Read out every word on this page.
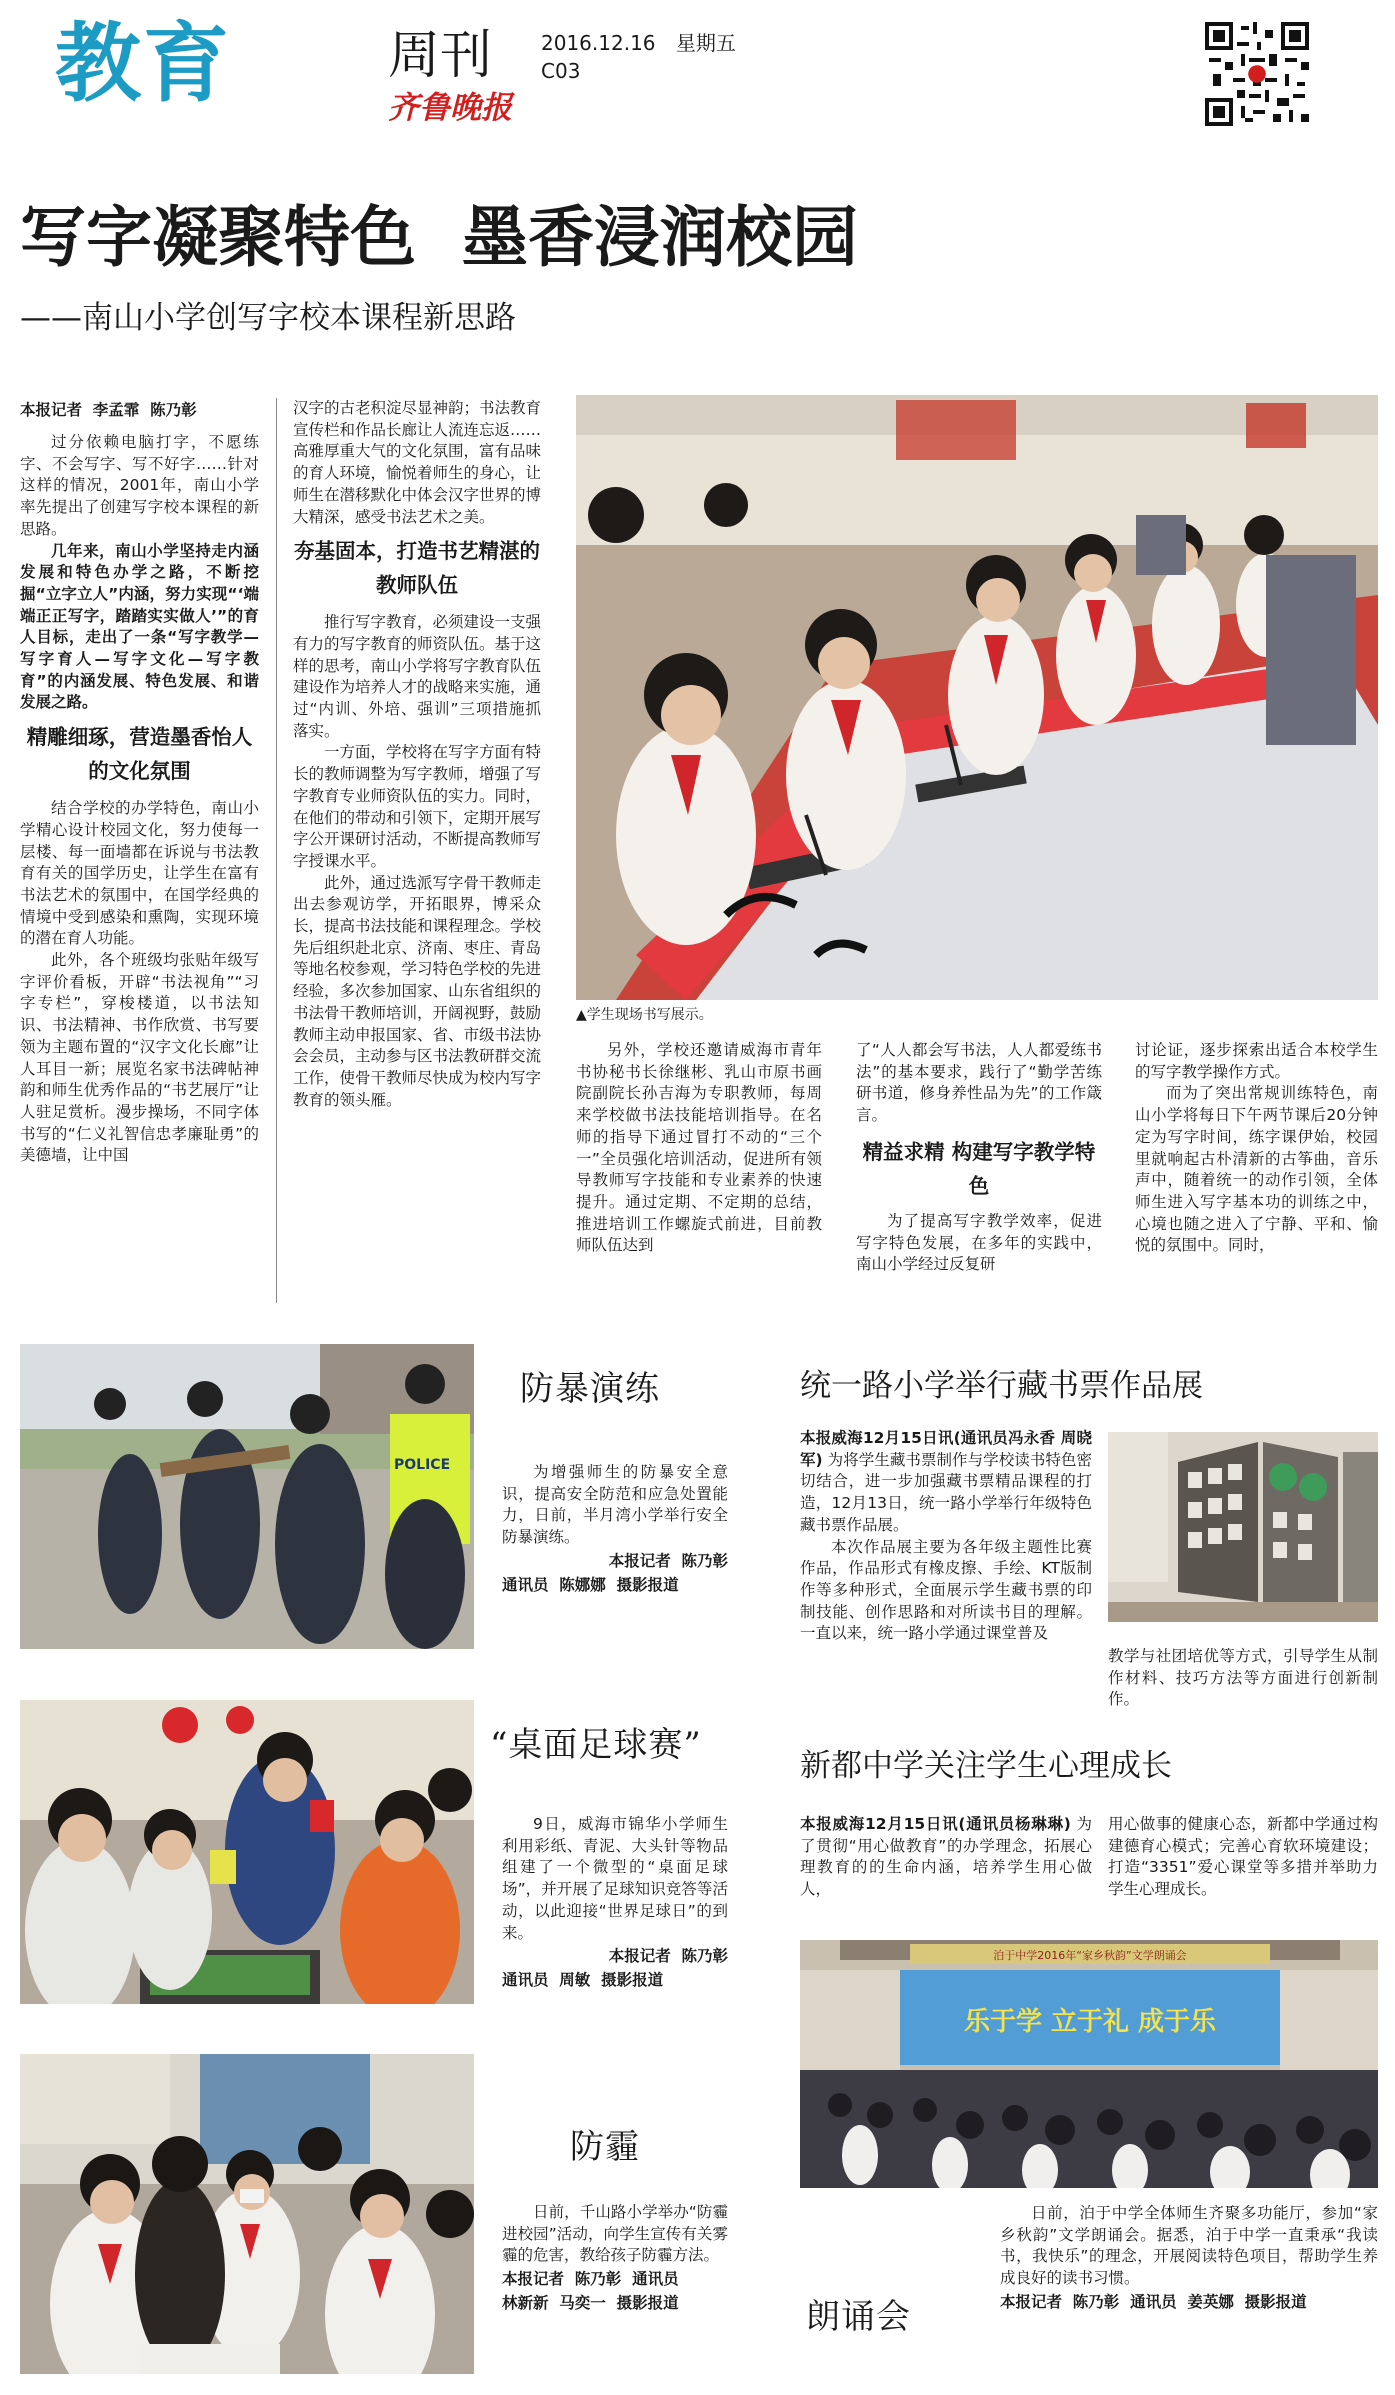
教育	周刊
齐鲁晚报
2016.12.16 星期五
C03
写字凝聚特色  墨香浸润校园
——南山小学创写字校本课程新思路

本报记者  李孟霏  陈乃彰

过分依赖电脑打字，不愿练字、不会写字、写不好字……针对这样的情况，2001年，南山小学率先提出了创建写字校本课程的新思路。

几年来，南山小学坚持走内涵发展和特色办学之路，不断挖掘“立字立人”内涵，努力实现“‘端端正正写字，踏踏实实做人’”的育人目标，走出了一条“写字教学—写字育人—写字文化—写字教育”的内涵发展、特色发展、和谐发展之路。

精雕细琢，营造墨香怡人的文化氛围

结合学校的办学特色，南山小学精心设计校园文化，努力使每一层楼、每一面墙都在诉说与书法教育有关的国学历史，让学生在富有书法艺术的氛围中，在国学经典的情境中受到感染和熏陶，实现环境的潜在育人功能。

此外，各个班级均张贴年级写字评价看板，开辟“书法视角”“习字专栏”，穿梭楼道，以书法知识、书法精神、书作欣赏、书写要领为主题布置的“汉字文化长廊”让人耳目一新；展览名家书法碑帖神韵和师生优秀作品的“书艺展厅”让人驻足赏析。漫步操场，不同字体书写的“仁义礼智信忠孝廉耻勇”的美德墙，让中国

汉字的古老积淀尽显神韵；书法教育宣传栏和作品长廊让人流连忘返……高雅厚重大气的文化氛围，富有品味的育人环境，愉悦着师生的身心，让师生在潜移默化中体会汉字世界的博大精深，感受书法艺术之美。

夯基固本，打造书艺精湛的教师队伍

推行写字教育，必须建设一支强有力的写字教育的师资队伍。基于这样的思考，南山小学将写字教育队伍建设作为培养人才的战略来实施，通过“内训、外培、强训”三项措施抓落实。

一方面，学校将在写字方面有特长的教师调整为写字教师，增强了写字教育专业师资队伍的实力。同时，在他们的带动和引领下，定期开展写字公开课研讨活动，不断提高教师写字授课水平。

此外，通过选派写字骨干教师走出去参观访学，开拓眼界，博采众长，提高书法技能和课程理念。学校先后组织赴北京、济南、枣庄、青岛等地名校参观，学习特色学校的先进经验，多次参加国家、山东省组织的书法骨干教师培训，开阔视野，鼓励教师主动申报国家、省、市级书法协会会员，主动参与区书法教研群交流工作，使骨干教师尽快成为校内写字教育的领头雁。

▲学生现场书写展示。

另外，学校还邀请威海市青年书协秘书长徐继彬、乳山市原书画院副院长孙吉海为专职教师，每周来学校做书法技能培训指导。在名师的指导下通过冒打不动的“三个一”全员强化培训活动，促进所有领导教师写字技能和专业素养的快速提升。通过定期、不定期的总结，推进培训工作螺旋式前进，目前教师队伍达到

了“人人都会写书法，人人都爱练书法”的基本要求，践行了“勤学苦练研书道，修身养性品为先”的工作箴言。

精益求精 构建写字教学特色

为了提高写字教学效率，促进写字特色发展，在多年的实践中，南山小学经过反复研

讨论证，逐步探索出适合本校学生的写字教学操作方式。

而为了突出常规训练特色，南山小学将每日下午两节课后20分钟定为写字时间，练字课伊始，校园里就响起古朴清新的古筝曲，音乐声中，随着统一的动作引领，全体师生进入写字基本功的训练之中，心境也随之进入了宁静、平和、愉悦的氛围中。同时，

POLICE
防暴演练

为增强师生的防暴安全意识，提高安全防范和应急处置能力，日前，半月湾小学举行安全防暴演练。

本报记者  陈乃彰

通讯员  陈娜娜  摄影报道

“桌面足球赛”

9日，威海市锦华小学师生利用彩纸、青泥、大头针等物品组建了一个微型的“桌面足球场”，并开展了足球知识竞答等活动，以此迎接“世界足球日”的到来。

本报记者  陈乃彰

通讯员  周敏  摄影报道

防霾

日前，千山路小学举办“防霾进校园”活动，向学生宣传有关雾霾的危害，教给孩子防霾方法。

本报记者  陈乃彰  通讯员

林新新  马奕一  摄影报道

统一路小学举行藏书票作品展

本报威海12月15日讯(通讯员冯永香 周晓军) 为将学生藏书票制作与学校读书特色密切结合，进一步加强藏书票精品课程的打造，12月13日，统一路小学举行年级特色藏书票作品展。

本次作品展主要为各年级主题性比赛作品，作品形式有橡皮擦、手绘、KT版制作等多种形式，全面展示学生藏书票的印制技能、创作思路和对所读书目的理解。一直以来，统一路小学通过课堂普及

教学与社团培优等方式，引导学生从制作材料、技巧方法等方面进行创新制作。

新都中学关注学生心理成长

本报威海12月15日讯(通讯员杨琳琳) 为了贯彻“用心做教育”的办学理念，拓展心理教育的的生命内涵，培养学生用心做人，

用心做事的健康心态，新都中学通过构建德育心模式；完善心育软环境建设；打造“3351”爱心课堂等多措并举助力学生心理成长。

泊于中学2016年“家乡秋韵”文学朗诵会
乐于学 立于礼 成于乐

日前，泊于中学全体师生齐聚多功能厅，参加“家乡秋韵”文学朗诵会。据悉，泊于中学一直秉承“我读书，我快乐”的理念，开展阅读特色项目，帮助学生养成良好的读书习惯。

本报记者  陈乃彰  通讯员  姜英娜  摄影报道

朗诵会
